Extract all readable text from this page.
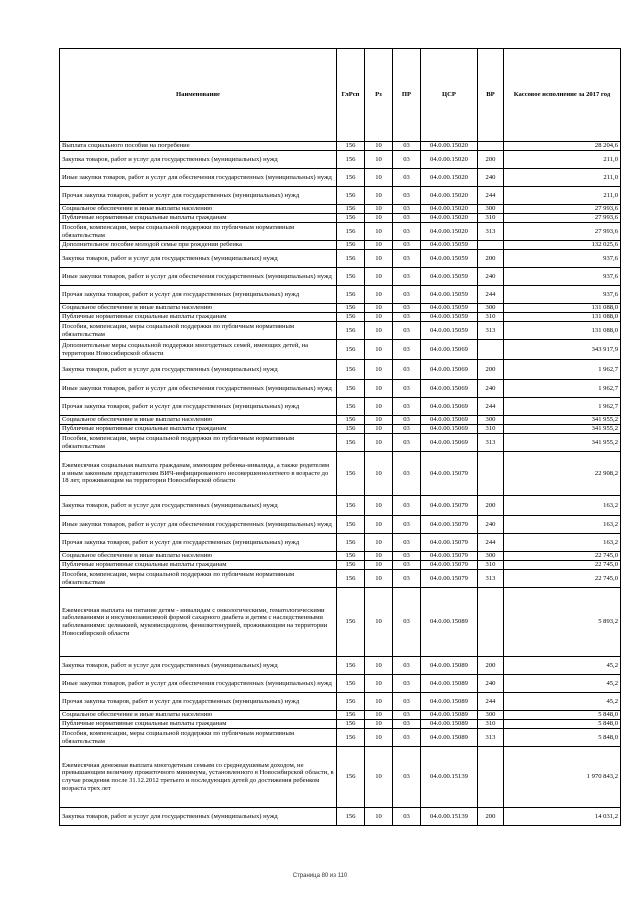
Наименование	ГлРсп	Рз	ПР	ЦСР	ВР	Кассовое исполнение за 2017 год
Выплата социального пособия на погребение	156	10	03	04.0.00.15020		28 204,6
Закупка товаров, работ и услуг для государственных (муниципальных) нужд	156	10	03	04.0.00.15020	200	211,0
Иные закупки товаров, работ и услуг для обеспечения государственных (муниципальных) нужд	156	10	03	04.0.00.15020	240	211,0
Прочая закупка товаров, работ и услуг для государственных (муниципальных) нужд	156	10	03	04.0.00.15020	244	211,0
Социальное обеспечение и иные выплаты населению	156	10	03	04.0.00.15020	300	27 993,6
Публичные нормативные социальные выплаты гражданам	156	10	03	04.0.00.15020	310	27 993,6
Пособия, компенсации, меры социальной поддержки по публичным нормативным обязательствам	156	10	03	04.0.00.15020	313	27 993,6
Дополнительное пособие молодой семье при рождении ребенка	156	10	03	04.0.00.15059		132 025,6
Закупка товаров, работ и услуг для государственных (муниципальных) нужд	156	10	03	04.0.00.15059	200	937,6
Иные закупки товаров, работ и услуг для обеспечения государственных (муниципальных) нужд	156	10	03	04.0.00.15059	240	937,6
Прочая закупка товаров, работ и услуг для государственных (муниципальных) нужд	156	10	03	04.0.00.15059	244	937,6
Социальное обеспечение и иные выплаты населению	156	10	03	04.0.00.15059	300	131 088,0
Публичные нормативные социальные выплаты гражданам	156	10	03	04.0.00.15059	310	131 088,0
Пособия, компенсации, меры социальной поддержки по публичным нормативным обязательствам	156	10	03	04.0.00.15059	313	131 088,0
Дополнительные меры социальной поддержки многодетных семей, имеющих детей, на территории Новосибирской области	156	10	03	04.0.00.15069		343 917,9
Закупка товаров, работ и услуг для государственных (муниципальных) нужд	156	10	03	04.0.00.15069	200	1 962,7
Иные закупки товаров, работ и услуг для обеспечения государственных (муниципальных) нужд	156	10	03	04.0.00.15069	240	1 962,7
Прочая закупка товаров, работ и услуг для государственных (муниципальных) нужд	156	10	03	04.0.00.15069	244	1 962,7
Социальное обеспечение и иные выплаты населению	156	10	03	04.0.00.15069	300	341 955,2
Публичные нормативные социальные выплаты гражданам	156	10	03	04.0.00.15069	310	341 955,2
Пособия, компенсации, меры социальной поддержки по публичным нормативным обязательствам	156	10	03	04.0.00.15069	313	341 955,2
Ежемесячная социальная выплата гражданам, имеющим ребенка-инвалида, а также родителям и иным законным представителям ВИЧ-инфицированного несовершеннолетнего в возрасте до 18 лет, проживающим на территории Новосибирской области	156	10	03	04.0.00.15079		22 908,2
Закупка товаров, работ и услуг для государственных (муниципальных) нужд	156	10	03	04.0.00.15079	200	163,2
Иные закупки товаров, работ и услуг для обеспечения государственных (муниципальных) нужд	156	10	03	04.0.00.15079	240	163,2
Прочая закупка товаров, работ и услуг для государственных (муниципальных) нужд	156	10	03	04.0.00.15079	244	163,2
Социальное обеспечение и иные выплаты населению	156	10	03	04.0.00.15079	300	22 745,0
Публичные нормативные социальные выплаты гражданам	156	10	03	04.0.00.15079	310	22 745,0
Пособия, компенсации, меры социальной поддержки по публичным нормативным обязательствам	156	10	03	04.0.00.15079	313	22 745,0
Ежемесячная выплата на питание детям - инвалидам с онкологическими, гематологическими заболеваниями и инсулинозависимой формой сахарного диабета и детям с наследственными заболеваниями: целиакией, муковисцидозом, фенилкетонурией, проживающим на территории Новосибирской области	156	10	03	04.0.00.15089		5 893,2
Закупка товаров, работ и услуг для государственных (муниципальных) нужд	156	10	03	04.0.00.15089	200	45,2
Иные закупки товаров, работ и услуг для обеспечения государственных (муниципальных) нужд	156	10	03	04.0.00.15089	240	45,2
Прочая закупка товаров, работ и услуг для государственных (муниципальных) нужд	156	10	03	04.0.00.15089	244	45,2
Социальное обеспечение и иные выплаты населению	156	10	03	04.0.00.15089	300	5 848,0
Публичные нормативные социальные выплаты гражданам	156	10	03	04.0.00.15089	310	5 848,0
Пособия, компенсации, меры социальной поддержки по публичным нормативным обязательствам	156	10	03	04.0.00.15089	313	5 848,0
Ежемесячная денежная выплата многодетным семьям со среднедушевым доходом, не превышающим величину прожиточного минимума, установленного в Новосибирской области, в случае рождения после 31.12.2012 третьего и последующих детей до достижения ребенком возраста трех лет	156	10	03	04.0.00.15139		1 970 843,2
Закупка товаров, работ и услуг для государственных (муниципальных) нужд	156	10	03	04.0.00.15139	200	14 031,2
Страница 80 из 110
